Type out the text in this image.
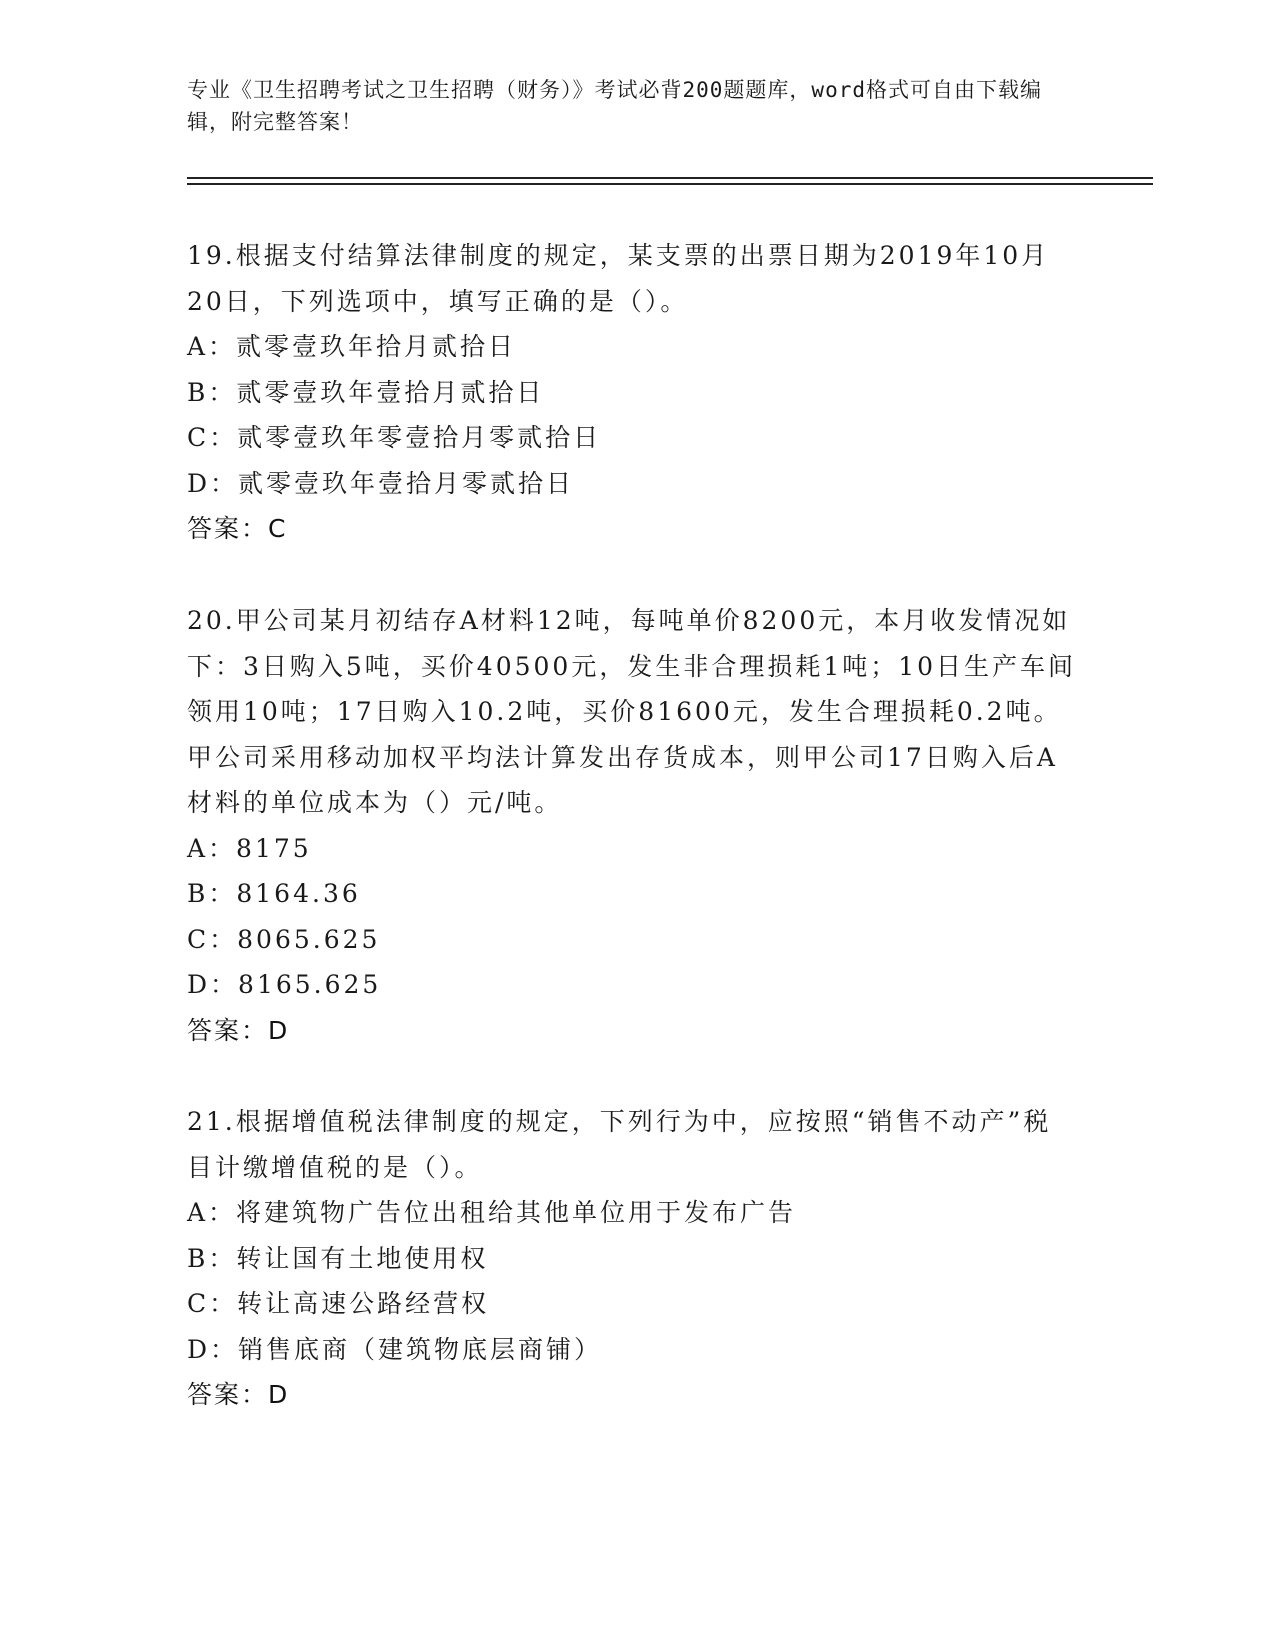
专业《卫生招聘考试之卫生招聘（财务）》考试必背200题题库，word格式可自由下载编辑，附完整答案！

19.根据支付结算法律制度的规定，某支票的出票日期为2019年10月20日，下列选项中，填写正确的是（）。

A：贰零壹玖年拾月贰拾日

B：贰零壹玖年壹拾月贰拾日

C：贰零壹玖年零壹拾月零贰拾日

D：贰零壹玖年壹拾月零贰拾日

答案：C

20.甲公司某月初结存A材料12吨，每吨单价8200元，本月收发情况如下：3日购入5吨，买价40500元，发生非合理损耗1吨；10日生产车间领用10吨；17日购入10.2吨，买价81600元，发生合理损耗0.2吨。甲公司采用移动加权平均法计算发出存货成本，则甲公司17日购入后A材料的单位成本为（）元/吨。

A：8175

B：8164.36

C：8065.625

D：8165.625

答案：D

21.根据增值税法律制度的规定，下列行为中，应按照“销售不动产”税目计缴增值税的是（）。

A：将建筑物广告位出租给其他单位用于发布广告

B：转让国有土地使用权

C：转让高速公路经营权

D：销售底商（建筑物底层商铺）

答案：D
